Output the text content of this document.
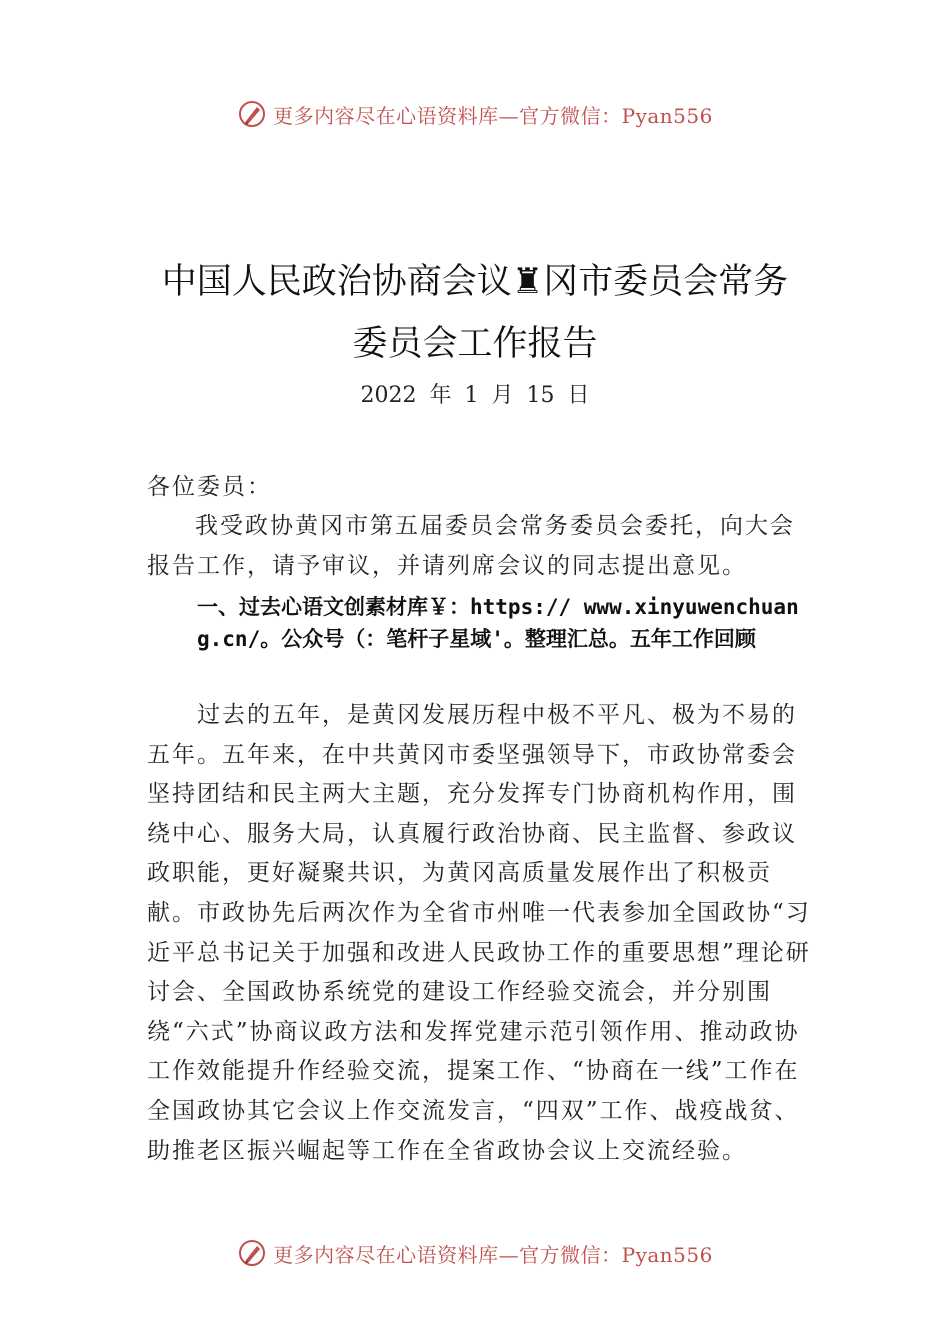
更多内容尽在心语资料库—官方微信：Pyan556
中国人民政治协商会议♜冈市委员会常务
委员会工作报告
2022 年 1 月 15 日
各位委员：
我受政协黄冈市第五届委员会常务委员会委托，向大会报告工作，请予审议，并请列席会议的同志提出意见。
一、过去心语文创素材库￥：https:// www.xinyuwenchuang.cn/。公众号（：笔杆子星域'。整理汇总。五年工作回顾
过去的五年，是黄冈发展历程中极不平凡、极为不易的五年。五年来，在中共黄冈市委坚强领导下，市政协常委会坚持团结和民主两大主题，充分发挥专门协商机构作用，围绕中心、服务大局，认真履行政治协商、民主监督、参政议政职能，更好凝聚共识，为黄冈高质量发展作出了积极贡献。市政协先后两次作为全省市州唯一代表参加全国政协“习近平总书记关于加强和改进人民政协工作的重要思想”理论研讨会、全国政协系统党的建设工作经验交流会，并分别围绕“六式”协商议政方法和发挥党建示范引领作用、推动政协工作效能提升作经验交流，提案工作、“协商在一线”工作在全国政协其它会议上作交流发言，“四双”工作、战疫战贫、助推老区振兴崛起等工作在全省政协会议上交流经验。
更多内容尽在心语资料库—官方微信：Pyan556
